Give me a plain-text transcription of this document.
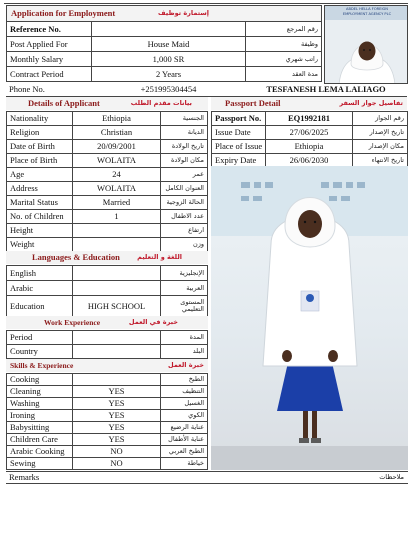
Application for Employment	إستمارة توظيف
Reference No.	رقم المرجع
Post Applied For	House Maid	وظيفة
Monthly Salary	1,000 SR	راتب شهري
Contract Period	2 Years	مدة العقد
Phone No.	+251995304454	TESFANESH LEMA LALIAGO
ABDEL HELLA FOREIGN
EMPLOYMENT AGENCY PLC
Details of Applicant	بيانات مقدم الطلب
Nationality	Ethiopia	الجنسية
Religion	Christian	الديانة
Date of Birth	20/09/2001	تاريخ الولادة
Place of Birth	WOLAITA	مكان الولادة
Age	24	عمر
Address	WOLAITA	العنوان الكامل
Marital Status	Married	الحالة الزوجية
No. of Children	1	عدد الاطفال
Height	ارتفاع
Weight	وزن
Passport Detail	تفاصيل جواز السفر
Passport No.	EQ1992181	رقم الجواز
Issue Date	27/06/2025	تاريخ الإصدار
Place of Issue	Ethiopia	مكان الإصدار
Expiry Date	26/06/2030	تاريخ الانتهاء
Languages & Education	اللغة و التعليم
English	الإنجليزية
Arabic	العربية
Education	HIGH SCHOOL	المستوى التعليمي
Work Experience	خبرة في العمل
Period	المدة
Country	البلد
Skills & Experience	خبرة العمل
Cooking	الطبخ
Cleaning	YES	التنظيف
Washing	YES	الغسيل
Ironing	YES	الكوي
Babysitting	YES	عناية الرضيع
Children Care	YES	عناية الأطفال
Arabic Cooking	NO	الطبخ العربي
Sewing	NO	خياطة
Remarks	ملاحظات
